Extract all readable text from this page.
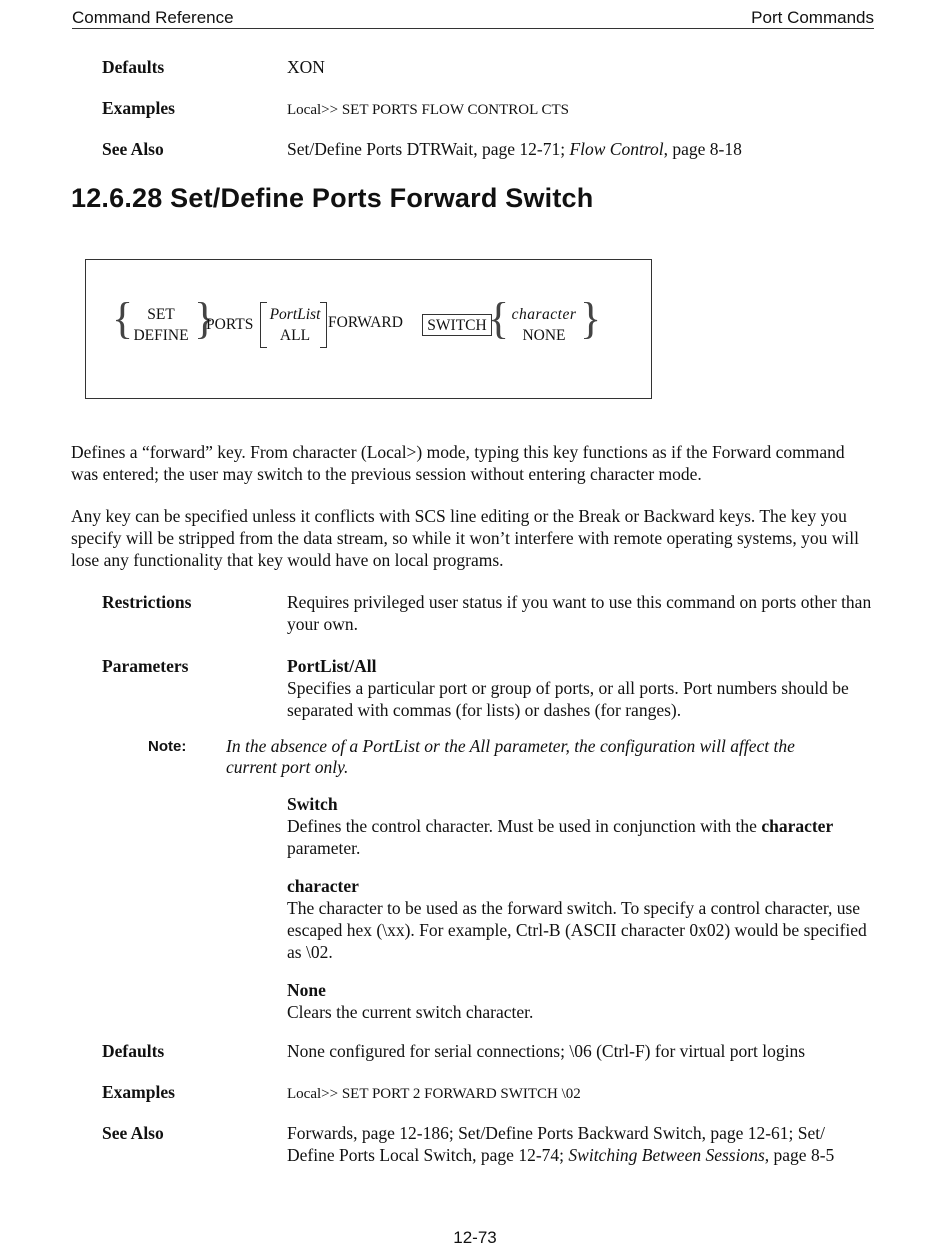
Command Reference	Port Commands
Defaults	XON
Examples	Local>> SET PORTS FLOW CONTROL CTS
See Also	Set/Define Ports DTRWait, page 12-71; Flow Control, page 8-18
12.6.28 Set/Define Ports Forward Switch
{ SET
DEFINE }
PORTS
PortList
ALL
FORWARD SWITCH { character
NONE }
Defines a “forward” key. From character (Local>) mode, typing this key functions as if the Forward command was entered; the user may switch to the previous session without entering character mode.
Any key can be specified unless it conflicts with SCS line editing or the Break or Backward keys. The key you specify will be stripped from the data stream, so while it won’t interfere with remote operating systems, you will lose any functionality that key would have on local programs.
Restrictions	Requires privileged user status if you want to use this command on ports other than your own.
Parameters	PortList/All
Specifies a particular port or group of ports, or all ports. Port numbers should be separated with commas (for lists) or dashes (for ranges).
Note: In the absence of a PortList or the All parameter, the configuration will affect the current port only.
Switch
Defines the control character. Must be used in conjunction with the character parameter.
character
The character to be used as the forward switch. To specify a control character, use escaped hex (\xx). For example, Ctrl-B (ASCII character 0x02) would be specified as \02.
None
Clears the current switch character.
Defaults	None configured for serial connections; \06 (Ctrl-F) for virtual port logins
Examples	Local>> SET PORT 2 FORWARD SWITCH \02
See Also	Forwards, page 12-186; Set/Define Ports Backward Switch, page 12-61; Set/ Define Ports Local Switch, page 12-74; Switching Between Sessions, page 8-5
12-73
